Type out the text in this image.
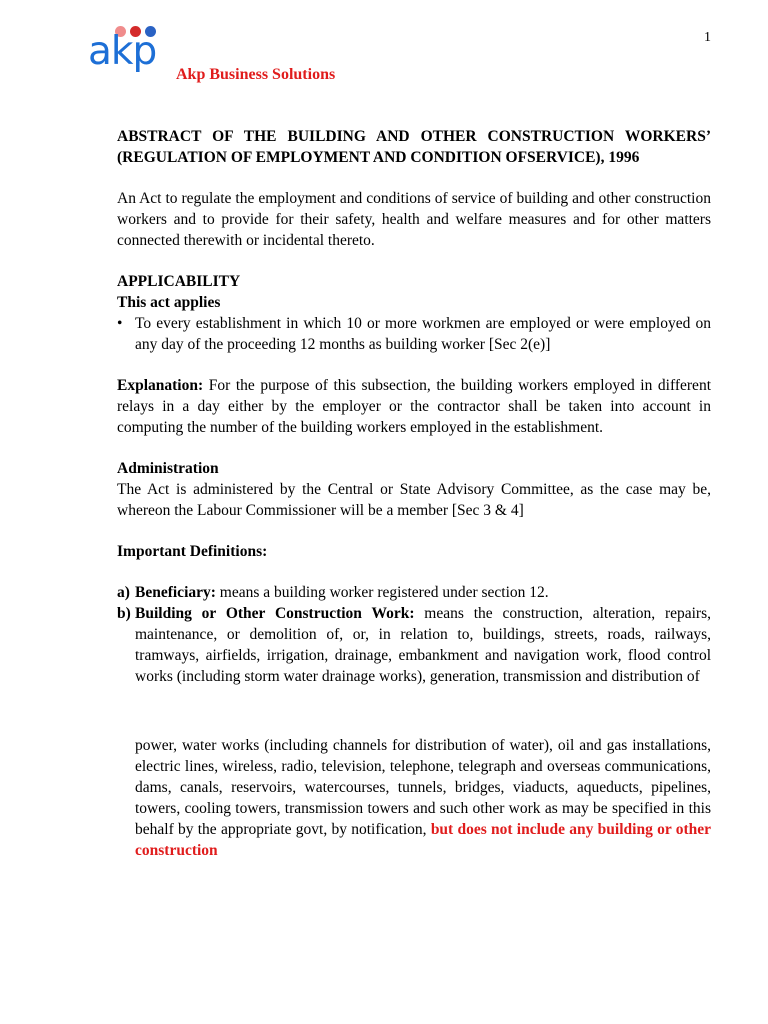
1
akp
Akp Business Solutions

ABSTRACT OF THE BUILDING AND OTHER CONSTRUCTION WORKERS’ (REGULATION OF EMPLOYMENT AND CONDITION OFSERVICE), 1996

An Act to regulate the employment and conditions of service of building and other construction workers and to provide for their safety, health and welfare measures and for other matters connected therewith or incidental thereto.

APPLICABILITY

This act applies

• To every establishment in which 10 or more workmen are employed or were employed on any day of the proceeding 12 months as building worker [Sec 2(e)]

Explanation: For the purpose of this subsection, the building workers employed in different relays in a day either by the employer or the contractor shall be taken into account in computing the number of the building workers employed in the establishment.

Administration

The Act is administered by the Central or State Advisory Committee, as the case may be, whereon the Labour Commissioner will be a member [Sec 3 & 4]

Important Definitions:

a) Beneficiary: means a building worker registered under section 12.
b) Building or Other Construction Work: means the construction, alteration, repairs, maintenance, or demolition of, or, in relation to, buildings, streets, roads, railways, tramways, airfields, irrigation, drainage, embankment and navigation work, flood control works (including storm water drainage works), generation, transmission and distribution of

power, water works (including channels for distribution of water), oil and gas installations, electric lines, wireless, radio, television, telephone, telegraph and overseas communications, dams, canals, reservoirs, watercourses, tunnels, bridges, viaducts, aqueducts, pipelines, towers, cooling towers, transmission towers and such other work as may be specified in this behalf by the appropriate govt, by notification, but does not include any building or other construction
